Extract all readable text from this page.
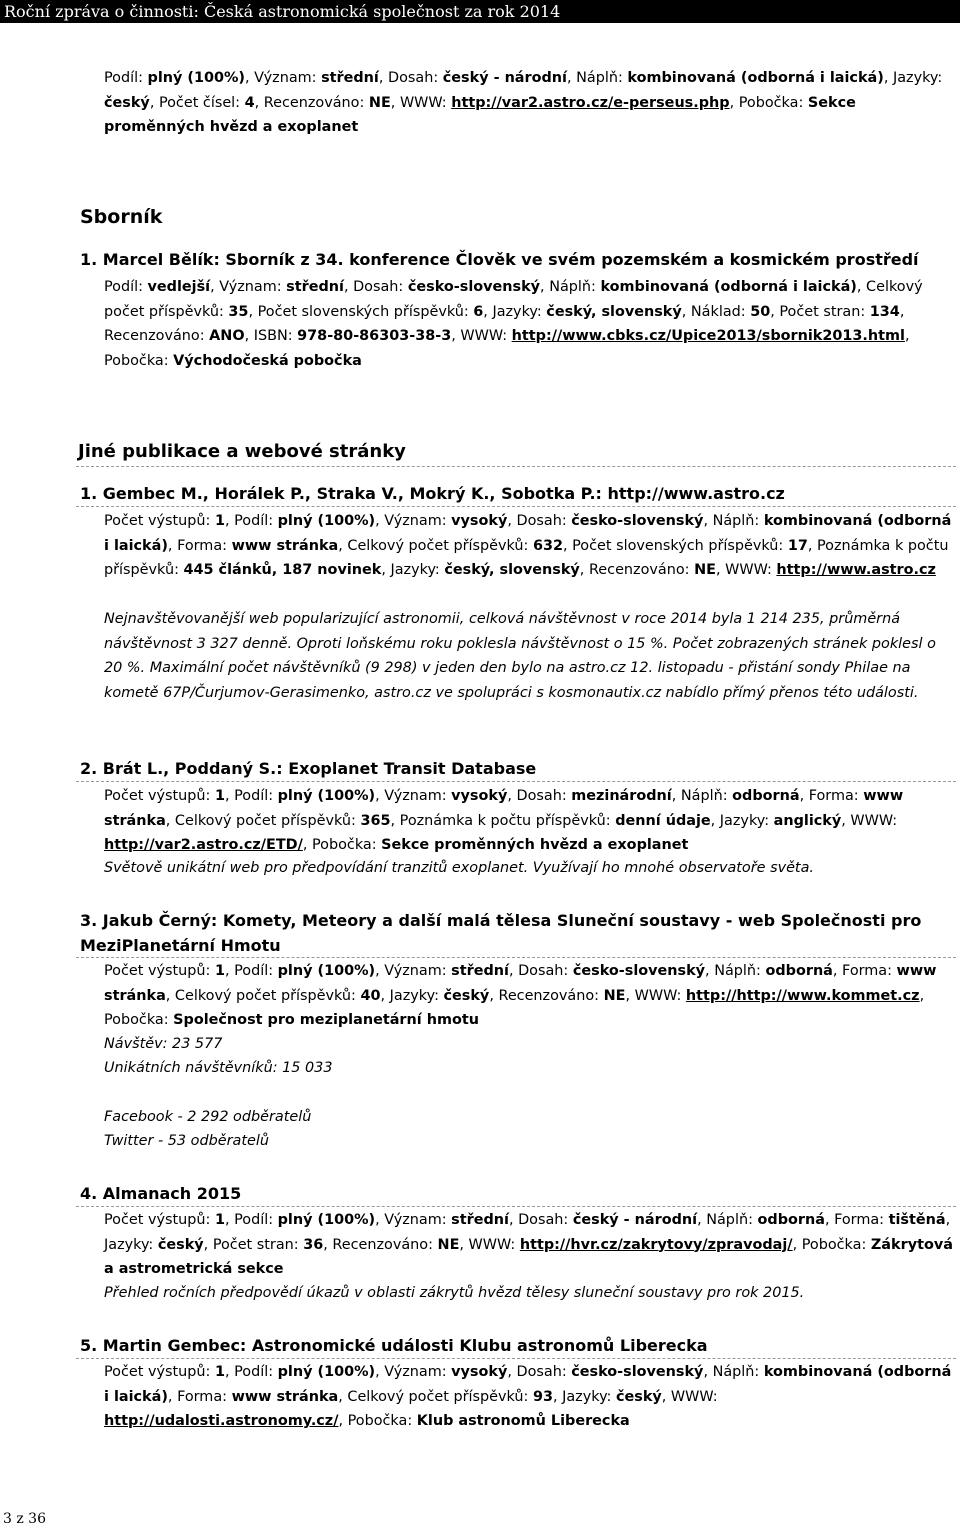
Roční zpráva o činnosti: Česká astronomická společnost za rok 2014
Podíl: plný (100%), Význam: střední, Dosah: český - národní, Náplň: kombinovaná (odborná i laická), Jazyky: český, Počet čísel: 4, Recenzováno: NE, WWW: http://var2.astro.cz/e-perseus.php, Pobočka: Sekce proměnných hvězd a exoplanet
Sborník
1. Marcel Bělík: Sborník z 34. konference Člověk ve svém pozemském a kosmickém prostředí
Podíl: vedlejší, Význam: střední, Dosah: česko-slovenský, Náplň: kombinovaná (odborná i laická), Celkový počet příspěvků: 35, Počet slovenských příspěvků: 6, Jazyky: český, slovenský, Náklad: 50, Počet stran: 134, Recenzováno: ANO, ISBN: 978-80-86303-38-3, WWW: http://www.cbks.cz/Upice2013/sbornik2013.html, Pobočka: Východočeská pobočka
Jiné publikace a webové stránky
1. Gembec M., Horálek P., Straka V., Mokrý K., Sobotka P.: http://www.astro.cz
Počet výstupů: 1, Podíl: plný (100%), Význam: vysoký, Dosah: česko-slovenský, Náplň: kombinovaná (odborná i laická), Forma: www stránka, Celkový počet příspěvků: 632, Počet slovenských příspěvků: 17, Poznámka k počtu příspěvků: 445 článků, 187 novinek, Jazyky: český, slovenský, Recenzováno: NE, WWW: http://www.astro.cz
Nejnavštěvovanější web popularizující astronomii, celková návštěvnost v roce 2014 byla 1 214 235, průměrná návštěvnost 3 327 denně. Oproti loňskému roku poklesla návštěvnost o 15 %. Počet zobrazených stránek poklesl o 20 %. Maximální počet návštěvníků (9 298) v jeden den bylo na astro.cz 12. listopadu - přistání sondy Philae na kometě 67P/Čurjumov-Gerasimenko, astro.cz ve spolupráci s kosmonautix.cz nabídlo přímý přenos této události.
2. Brát L., Poddaný S.: Exoplanet Transit Database
Počet výstupů: 1, Podíl: plný (100%), Význam: vysoký, Dosah: mezinárodní, Náplň: odborná, Forma: www stránka, Celkový počet příspěvků: 365, Poznámka k počtu příspěvků: denní údaje, Jazyky: anglický, WWW: http://var2.astro.cz/ETD/, Pobočka: Sekce proměnných hvězd a exoplanet
Světově unikátní web pro předpovídání tranzitů exoplanet. Využívají ho mnohé observatoře světa.
3. Jakub Černý: Komety, Meteory a další malá tělesa Sluneční soustavy - web Společnosti pro MeziPlanetární Hmotu
Počet výstupů: 1, Podíl: plný (100%), Význam: střední, Dosah: česko-slovenský, Náplň: odborná, Forma: www stránka, Celkový počet příspěvků: 40, Jazyky: český, Recenzováno: NE, WWW: http://http://www.kommet.cz, Pobočka: Společnost pro meziplanetární hmotu
Návštěv: 23 577
Unikátních návštěvníků: 15 033
Facebook - 2 292 odběratelů
Twitter - 53 odběratelů
4. Almanach 2015
Počet výstupů: 1, Podíl: plný (100%), Význam: střední, Dosah: český - národní, Náplň: odborná, Forma: tištěná, Jazyky: český, Počet stran: 36, Recenzováno: NE, WWW: http://hvr.cz/zakrytovy/zpravodaj/, Pobočka: Zákrytová a astrometrická sekce
Přehled ročních předpovědí úkazů v oblasti zákrytů hvězd tělesy sluneční soustavy pro rok 2015.
5. Martin Gembec: Astronomické události Klubu astronomů Liberecka
Počet výstupů: 1, Podíl: plný (100%), Význam: vysoký, Dosah: česko-slovenský, Náplň: kombinovaná (odborná i laická), Forma: www stránka, Celkový počet příspěvků: 93, Jazyky: český, WWW: http://udalosti.astronomy.cz/, Pobočka: Klub astronomů Liberecka
3 z 36
